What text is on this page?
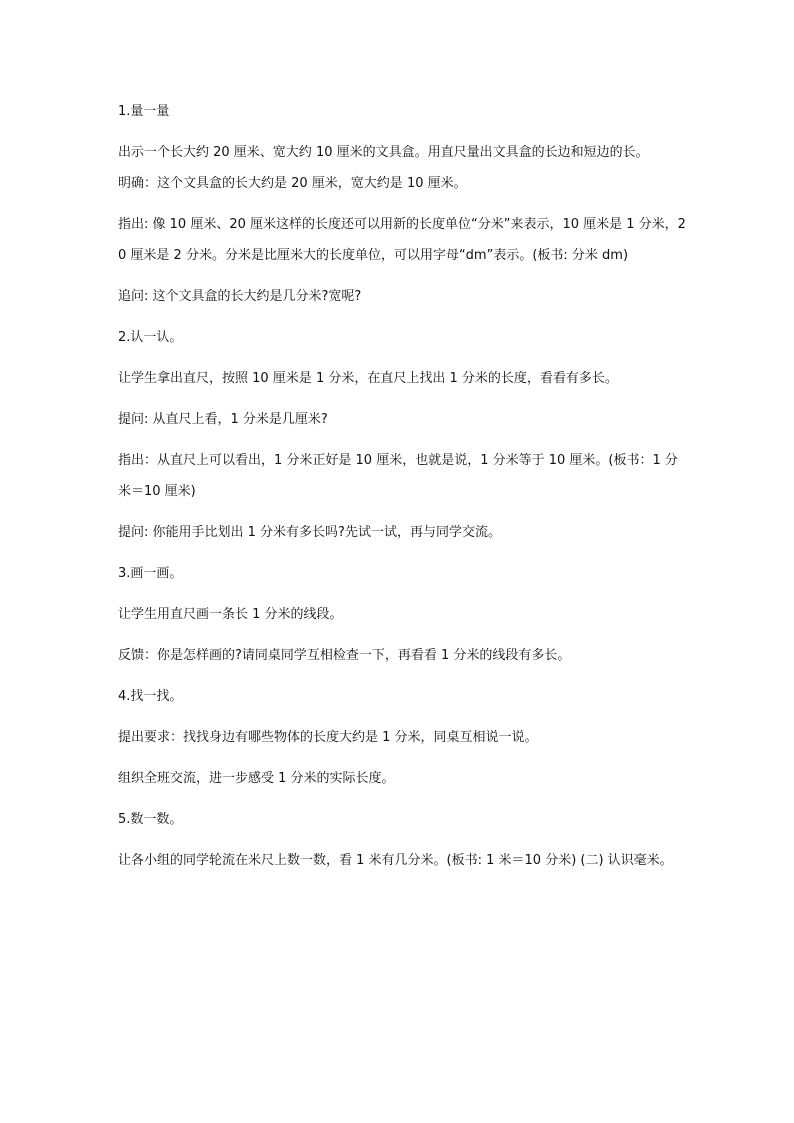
1.量一量

出示一个长大约 20 厘米、宽大约 10 厘米的文具盒。用直尺量出文具盒的长边和短边的长。

明确：这个文具盒的长大约是 20 厘米，宽大约是 10 厘米。

指出: 像 10 厘米、20 厘米这样的长度还可以用新的长度单位“分米”来表示，10 厘米是 1 分米，20 厘米是 2 分米。分米是比厘米大的长度单位，可以用字母“dm”表示。(板书: 分米 dm)

追问: 这个文具盒的长大约是几分米?宽呢?

2.认一认。

让学生拿出直尺，按照 10 厘米是 1 分米，在直尺上找出 1 分米的长度，看看有多长。

提问: 从直尺上看，1 分米是几厘米?

指出：从直尺上可以看出，1 分米正好是 10 厘米，也就是说，1 分米等于 10 厘米。(板书：1 分米＝10 厘米)

提问: 你能用手比划出 1 分米有多长吗?先试一试，再与同学交流。

3.画一画。

让学生用直尺画一条长 1 分米的线段。

反馈：你是怎样画的?请同桌同学互相检查一下，再看看 1 分米的线段有多长。

4.找一找。

提出要求：找找身边有哪些物体的长度大约是 1 分米，同桌互相说一说。

组织全班交流，进一步感受 1 分米的实际长度。

5.数一数。

让各小组的同学轮流在米尺上数一数，看 1 米有几分米。(板书: 1 米＝10 分米) (二) 认识毫米。
